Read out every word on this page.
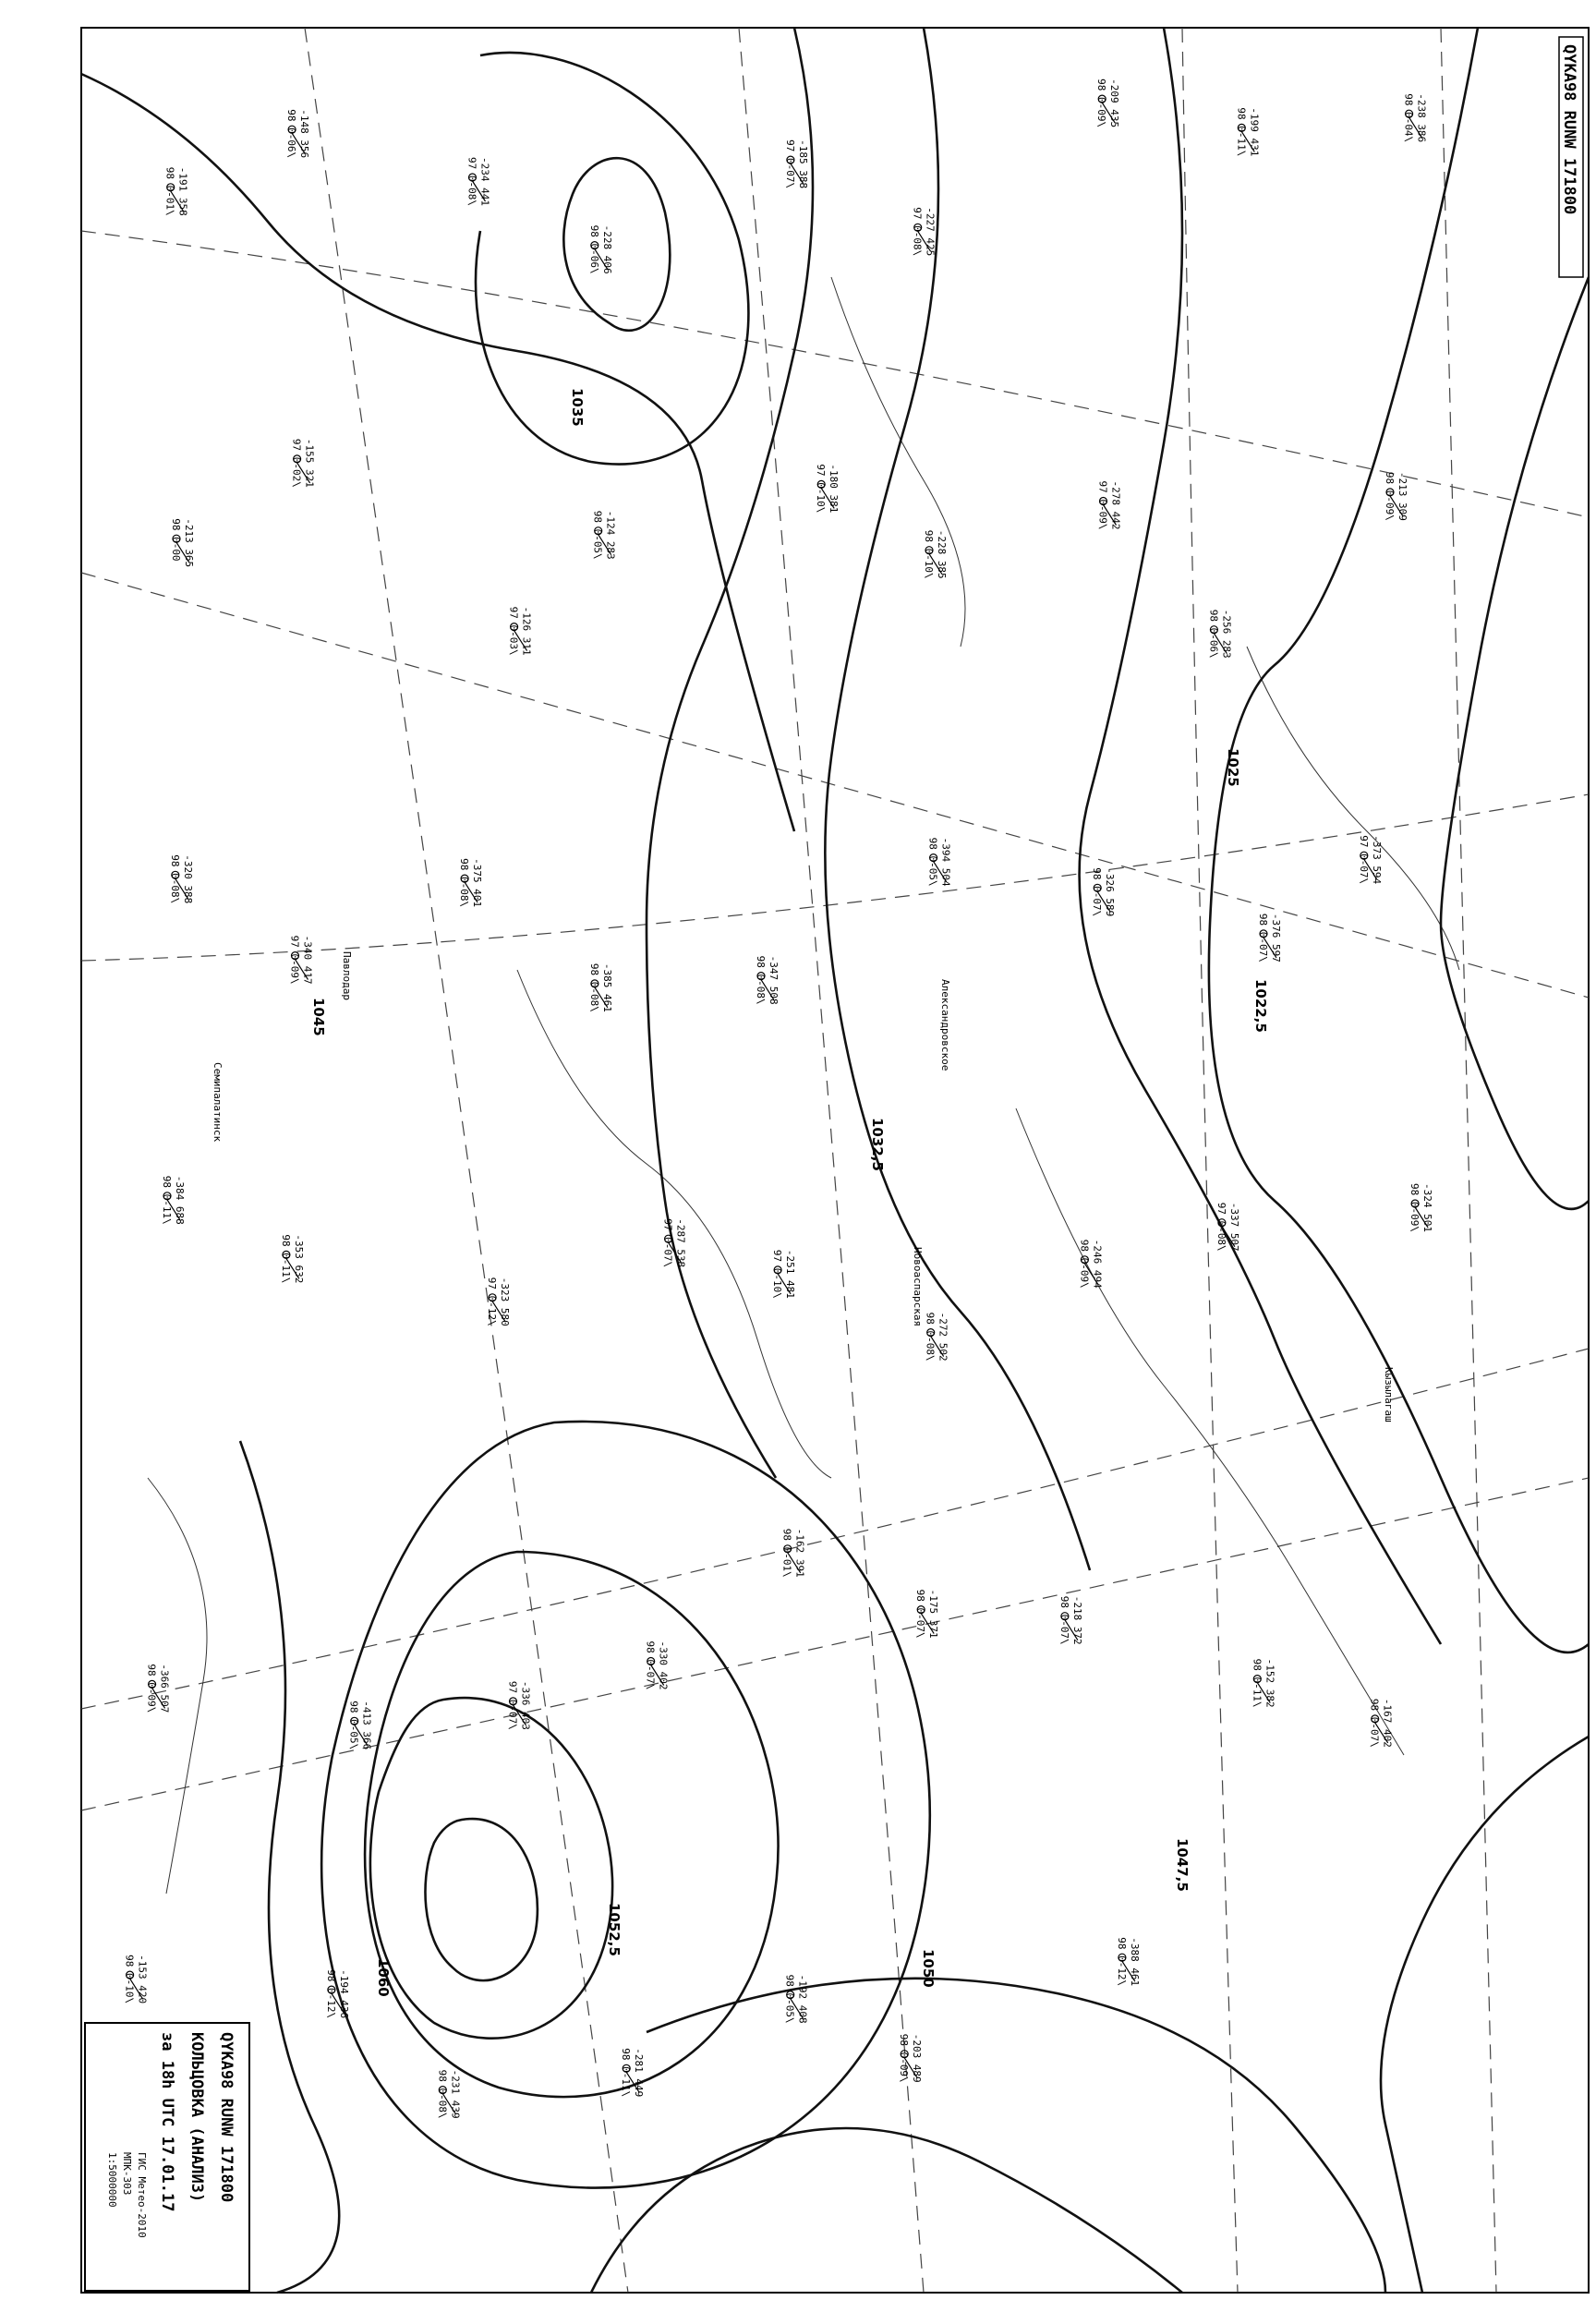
1035
1032,5
1025
1022,5
1047,5
1050
1052,5
1060
1045
Новоаспарская
Кызылагаш
Александровское
Павлодар
Семипалатинск
-191 358
98 0-01\
-148 356
98 0-06\
-234 441
97 0-08\
-228 406
98 0-06\
-185 388
97 0-07\
-227 425
97 0-08\
-209 435
98 0-09\
-199 431
98 0-11\	-238 386
98 0-04\
-213 365
98 0-00
-155 321
97 0-02\
-126 311
97 0-03\
-124 283
98 0-05\
-180 381
97 0-10\
-228 385
98 0-10\
-278 442
97 0-09\
-256 283
98 0-06\
-213 309
98 0-09\
-320 388
98 0-08\
-340 417
97 0-09\
-375 401
98 0-08\
-385 461
98 0-08\	-347 508
98 0-08\
-394 504
98 0-05\
-326 589
98 0-07\
-376 597
98 0-07\
-373 594
97 0-07\
-384 688
98 0-11\
-353 632
98 0-11\
-323 580
97 0-12\
-287 538
97 0-07\
-251 481
97 0-10\
-272 502
98 0-08\
-246 494
98 0-09\
-337 507
97 0-08\	-324 501
98 0-09\
-366 507
98 0-09\
-413 366
98 0-05\	-336 403
97 0-07\
-330 402
98 0-07\
-162 391
98 0-01\
-175 371
98 0-07\	-218 372
98 0-07\
-152 382
98 0-11\
-167 402
98 0-07\
-153 420
98 0-10\	-194 436
98 0-12\
-231 439
98 0-08\	-281 449
98 0-11\
-192 408
98 0-05\
-203 489
98 0-09\
-388 461
98 0-12\
QYKA98 RUNW 171800
QYKA98 RUNW 171800
КОЛЬЦОВКА (АНАЛИЗ)
за 18h UTC 17.01.17
ГИС Метео-2010
МПК-303
1:5000000
